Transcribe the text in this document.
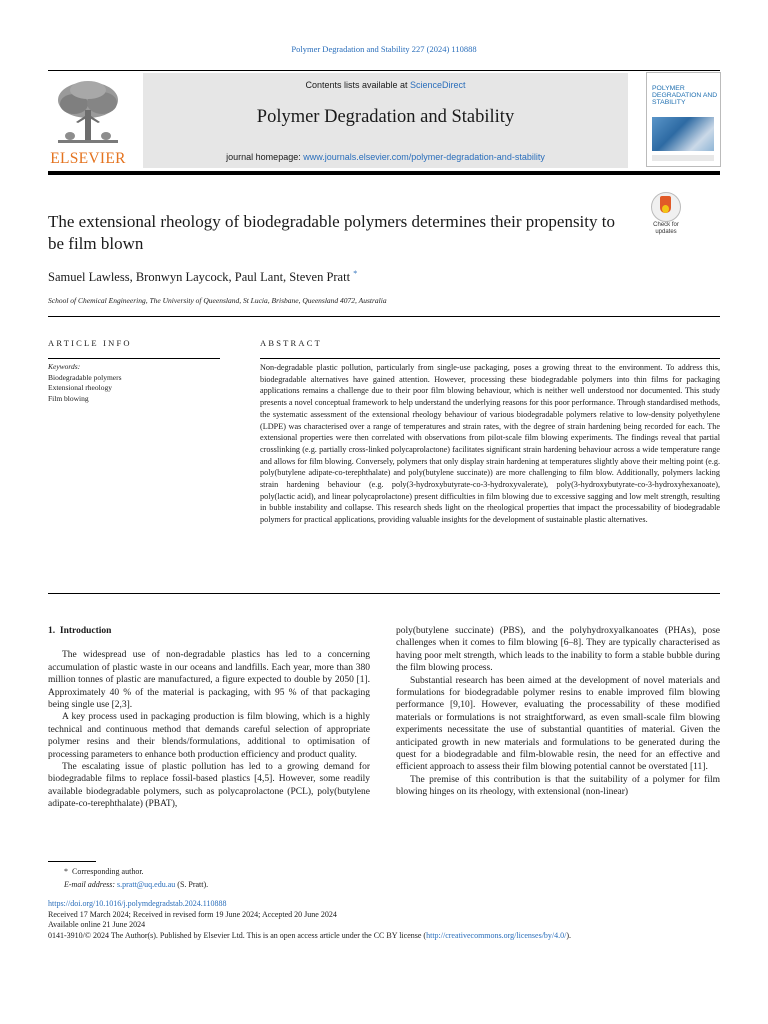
Polymer Degradation and Stability 227 (2024) 110888
ELSEVIER
Contents lists available at ScienceDirect
Polymer Degradation and Stability
journal homepage: www.journals.elsevier.com/polymer-degradation-and-stability
POLYMER DEGRADATION AND STABILITY
Check for
updates
The extensional rheology of biodegradable polymers determines their propensity to be film blown
Samuel Lawless, Bronwyn Laycock, Paul Lant, Steven Pratt *
School of Chemical Engineering, The University of Queensland, St Lucia, Brisbane, Queensland 4072, Australia
ARTICLE INFO	ABSTRACT
Keywords:
Biodegradable polymers
Extensional rheology
Film blowing
Non-degradable plastic pollution, particularly from single-use packaging, poses a growing threat to the environment. To address this, biodegradable alternatives have gained attention. However, processing these biodegradable polymers into thin films for packaging applications remains a challenge due to their poor film blowing behaviour, which is neither well understood nor documented. This study presents a novel conceptual framework to help understand the underlying reasons for this poor performance. Through standardised methods, the systematic assessment of the extensional rheology behaviour of various biodegradable polymers relative to low-density polyethylene (LDPE) was characterised over a range of temperatures and strain rates, with the degree of strain hardening being recorded for each. The extensional properties were then correlated with observations from pilot-scale film blowing experiments. The findings reveal that partial crosslinking (e.g. partially cross-linked polycaprolactone) facilitates significant strain hardening behaviour across a wide temperature range and allows for film blowing. Conversely, polymers that only display strain hardening at temperatures slightly above their melting point (e.g. poly(butylene adipate-co-terephthalate) and poly(butylene succinate)) are more challenging to film blow. Additionally, polymers lacking strain hardening behaviour (e.g. poly(3-hydroxybutyrate-co-3-hydroxyvalerate), poly(3-hydroxybutyrate-co-3-hydroxyhexanoate), poly(lactic acid), and linear polycaprolactone) present difficulties in film blowing due to excessive sagging and low melt strength, resulting in bubble instability and collapse. This research sheds light on the rheological properties that impact the processability of biodegradable polymers for practical applications, providing valuable insights for the development of sustainable plastic alternatives.
1. Introduction

The widespread use of non-degradable plastics has led to a concerning accumulation of plastic waste in our oceans and landfills. Each year, more than 380 million tonnes of plastic are manufactured, a figure expected to double by 2050 [1]. Approximately 40 % of the material is packaging, with 95 % of that packaging being single use [2,3].

A key process used in packaging production is film blowing, which is a highly technical and continuous method that demands careful selection of appropriate polymer resins and their blends/formulations, additional to optimisation of processing parameters to enhance both production efficiency and product quality.

The escalating issue of plastic pollution has led to a growing demand for biodegradable films to replace fossil-based plastics [4,5]. However, some readily available biodegradable polymers, such as polycaprolactone (PCL), poly(butylene adipate-co-terephthalate) (PBAT),

poly(butylene succinate) (PBS), and the polyhydroxyalkanoates (PHAs), pose challenges when it comes to film blowing [6–8]. They are typically characterised as having poor melt strength, which leads to the inability to form a stable bubble during the film blowing process.

Substantial research has been aimed at the development of novel materials and formulations for biodegradable polymer resins to enable improved film blowing performance [9,10]. However, evaluating the processability of these modified materials or formulations is not straightforward, as even small-scale film blowing experiments necessitate the use of substantial quantities of material. Given the anticipated growth in new materials and formulations to be generated during the quest for a biodegradable and film-blowable resin, the need for an effective and efficient approach to assess their film blowing potential cannot be overstated [11].

The premise of this contribution is that the suitability of a polymer for film blowing hinges on its rheology, with extensional (non-linear)

* Corresponding author.
E-mail address: s.pratt@uq.edu.au (S. Pratt).
https://doi.org/10.1016/j.polymdegradstab.2024.110888
Received 17 March 2024; Received in revised form 19 June 2024; Accepted 20 June 2024
Available online 21 June 2024
0141-3910/© 2024 The Author(s). Published by Elsevier Ltd. This is an open access article under the CC BY license (http://creativecommons.org/licenses/by/4.0/).
